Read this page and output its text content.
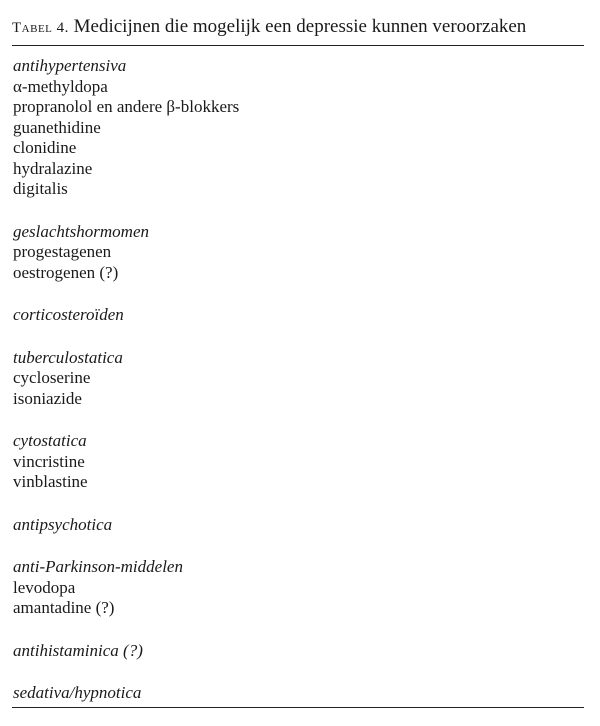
Tabel 4. Medicijnen die mogelijk een depressie kunnen veroorzaken
antihypertensiva
α-methyldopa
propranolol en andere β-blokkers
guanethidine
clonidine
hydralazine
digitalis
geslachtshormomen
progestagenen
oestrogenen (?)
corticosteroïden
tuberculostatica
cycloserine
isoniazide
cytostatica
vincristine
vinblastine
antipsychotica
anti-Parkinson-middelen
levodopa
amantadine (?)
antihistaminica (?)
sedativa/hypnotica
